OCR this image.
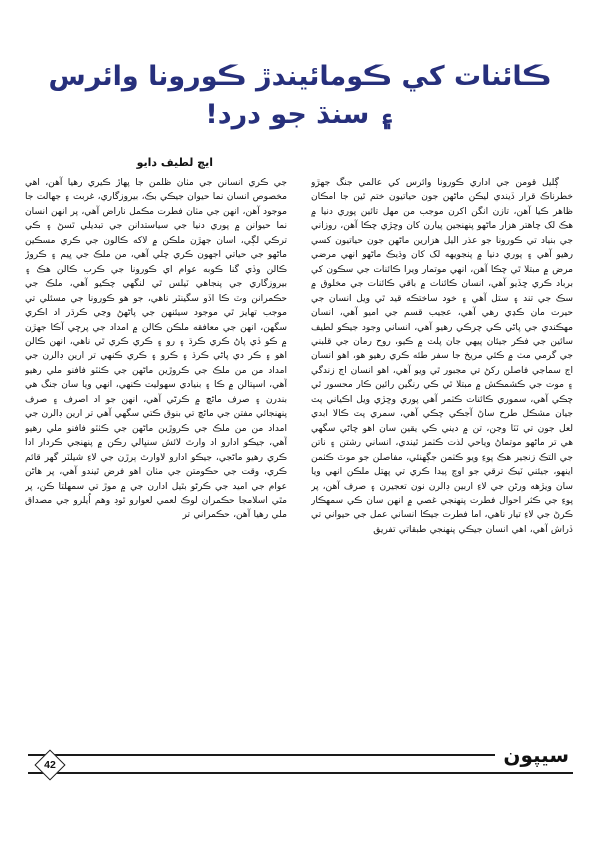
ڪائنات کي ڪومائيندڙ ڪورونا وائرس
۽ سنڌ جو درد!
ايڇ لطيف دايو

ڳليل قومن جي اداري ڪورونا وائرس کي عالمي جنگ جهڙو خطرناڪ قرار ڏيندي ليڪن ماڻهن جون حياتيون ختم ٿين جا امڪان ظاهر ڪيا آهن، تازن انگن اکرن موجب من مهل تائين پوري دنيا ۾ هڪ لک چاهتر هزار ماڻهو پنهنجين پيارن کان وڇڙي چڪا آهن، روزاني جي بنياد تي ڪورونا جو عذر اليل هزارين ماڻهن جون حياتيون کسي رهيو آهي ۽ پوري دنيا ۾ پنجويهه لک کان وڌيڪ ماڻهو انهي مرضي مرض ۾ مبتلا ٿي چڪا آهن، انهي موتمار ويرا ڪائنات جي سڪون کي برباد ڪري ڇڏيو آهي، انسان ڪائنات ۾ باقي ڪائنات جي مخلوق ۾ سڪ جي تند ۽ ستل آهي ۽ خود ساختڪه قيد ٿي ويل انسان جي حيرت مان ڪڍي رهي آهي، عجيب قسم جي اميو آهي، انسان مهڪندي جي پاڻي ڪي چرڪي رهيو آهي، انساني وجود جيڪو لطيف سائين جي فڪر جيئان پيهي جان پلٽ ۾ ڪيو، روح رمان جي قلبني جي گرمي مٺ ۾ ڪئي مريخ جا سفر طئه ڪري رهيو هو، اهو انسان اج سماجي فاصلن رکڻ تي مجبور ٿي ويو آهي، اهو انسان اڄ زندگي ۽ موت جي ڪشمڪش ۾ مبتلا ٿي ڪي رنگين رائين ڪار محسور ٿي چڪي آهي، سموري ڪائنات ڪٺمر آهي پوري وڇڙي ويل اڪياني پٽ جيان مشڪل طرح ساڻ آجڪي چڪي آهي، سمري پٽ ڪالا ابدي لعل جون تي ٽٽا وڃن، تن ۾ ديني ڪي يقين سان اهو چاڻي سگهي هي تر ماڻهو موتماڻ وياحي لذت ڪٺمز ٿيندي، انساني رشتن ۽ ناتن جي التڪ زنجير هڪ پوءِ ويو ڪٺمن جڳهنئي، مفاصلن جو موٽ ڪٺمن اينهو، جيئني ٽيڪ ترقي جو اوچ پيدا ڪري تي پهتل ملڪن انهي ويا سان ويڙهه ورڻن جي لاءِ اربين ڊالرن نون تعجيرن ۽ صرف آهن، پر پوءِ جي ڪثر احوال فطرت پنهنجي غصي ۾ انهن سان ڪي سمهڪار ڪرڻ جي لاءِ تيار ناهي، اما فطرت جيڪا انساني عمل جي حيواني تي ڏراش آهي، اهي انسان جيڪي پنهنجي طبقاتي تفريق

جي ڪري انسانن جي مٺان ظلمن جا پهاڙ ڪيري رهيا آهن، اهي مخصوص انسان نما حيوان جيڪي بڪ، بيروزگاري، غربت ۽ جهالت جا موجود آهن، انهن جي مٺان فطرت مڪمل ناراض آهي، پر انهن انسان نما حيوانن ۾ پوري دنيا جي سياستدانن جي تبديلي ٿسڻ ۽ ڪي ترڪي لڳي، اسان جهڙن ملڪن ۾ لاکه ڪالون جي ڪري مسڪين ماڻهو جي حياتي اجهون ڪري چلي آهي، من ملڪ جي ڀيم ۽ ڪروڙ ڪالن وڏي گنا ڪوبه عوام اي ڪورونا جي ڪرب ڪالن هڪ ۽ بيروزگاري جي پنجاهي ٽيلس ٿي لنگهي چڪيو آهي، ملڪ جي حڪمرانن وٽ ڪا اڏو سگينٽر ناهي، جو هو ڪورونا جي مسئلي تي موجب تهايز ٿي موجود سيئنهن جي پاڻهڻ وڃي ڪرڌر اد اڪري سگهن، انهن جي معافقه ملڪن ڪالن ۾ امداد جي پرڇي آڪا جهڙن ۾ ڪو ڏي پاڻ ڪري ڪرڌ ۽ رو ۽ ڪري ڪري ٿي ناهي، انهن ڪالن اهو ۽ ڪر دي پاڻي ڪرڌ ۽ ڪرو ۽ ڪري ڪنهي تر ارين ڊالرن جي امداد من من ملڪ جي ڪروڙين ماڻهن جي ڪٺٽو فافنو ملي رهيو آهي، اسپتالن ۾ ڪا ۽ بنيادي سهوليت ڪنهي، انهي ويا سان جنگ هي بندرن ۽ صرف ماڻڇ ۾ ڪرڻي آهي، انهن جو اد اصرف ۽ صرف پنهنجائي مفتن جي ماڻڇ تي بنوق ڪتي سگهي آهي تر ارين ڊالرن جي امداد من من ملڪ جي ڪروڙين ماڻهن جي ڪٺٽو فافنو ملي رهيو آهي، جيڪو ادارو اد وارٿ لائش سنڀالي رڪن ۾ پنهنجي ڪردار ادا ڪري رهيو ماڻجي، جيڪو ادارو لاوارٿ ٻرڙن جي لاءِ شيلٽر گهر قائم ڪري، وقت جي حڪومتن جي مٺان اهو فرض ٿيندو آهي، پر هاڻن عوام جي اميد جي ڪرڻو بٿيل ادارن جي ۾ موڙ تي سمهلتا ڪن، پر مٿي اسلامجا حڪمران لوڪ لعمي لعوارو ٿوڊ وهم اُيلرو جي مصداق ملي رهيا آهن، حڪمراني تر

42	سيپون
